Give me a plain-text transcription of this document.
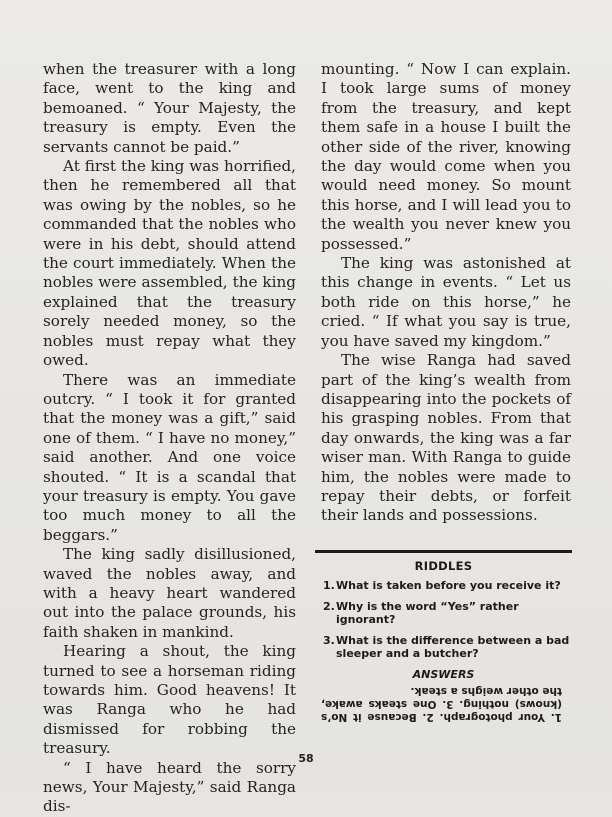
when the treasurer with a long face, went to the king and bemoaned. “ Your Majesty, the treasury is empty. Even the servants cannot be paid.”

At first the king was horrified, then he remembered all that was owing by the nobles, so he commanded that the nobles who were in his debt, should attend the court immediately. When the nobles were assembled, the king explained that the treasury sorely needed money, so the nobles must repay what they owed.

There was an immediate outcry. “ I took it for granted that the money was a gift,” said one of them. “ I have no money,” said another. And one voice shouted. “ It is a scandal that your treasury is empty. You gave too much money to all the beggars.”

The king sadly disillusioned, waved the nobles away, and with a heavy heart wandered out into the palace grounds, his faith shaken in mankind.

Hearing a shout, the king turned to see a horseman riding towards him. Good heavens! It was Ranga who he had dismissed for robbing the treasury.

“ I have heard the sorry news, Your Majesty,” said Ranga dis-

mounting. “ Now I can explain. I took large sums of money from the treasury, and kept them safe in a house I built the other side of the river, knowing the day would come when you would need money. So mount this horse, and I will lead you to the wealth you never knew you possessed.”

The king was astonished at this change in events. “ Let us both ride on this horse,” he cried. “ If what you say is true, you have saved my kingdom.”

The wise Ranga had saved part of the king’s wealth from disappearing into the pockets of his grasping nobles. From that day onwards, the king was a far wiser man. With Ranga to guide him, the nobles were made to repay their debts, or forfeit their lands and possessions.

RIDDLES
1. What is taken before you receive it?
2. Why is the word “Yes” rather ignorant?
3. What is the difference between a bad sleeper and a butcher?
ANSWERS
1. Your photograph. 2. Because it No’s (knows) nothing. 3. One steaks awake, the other weighs a steak.
58
